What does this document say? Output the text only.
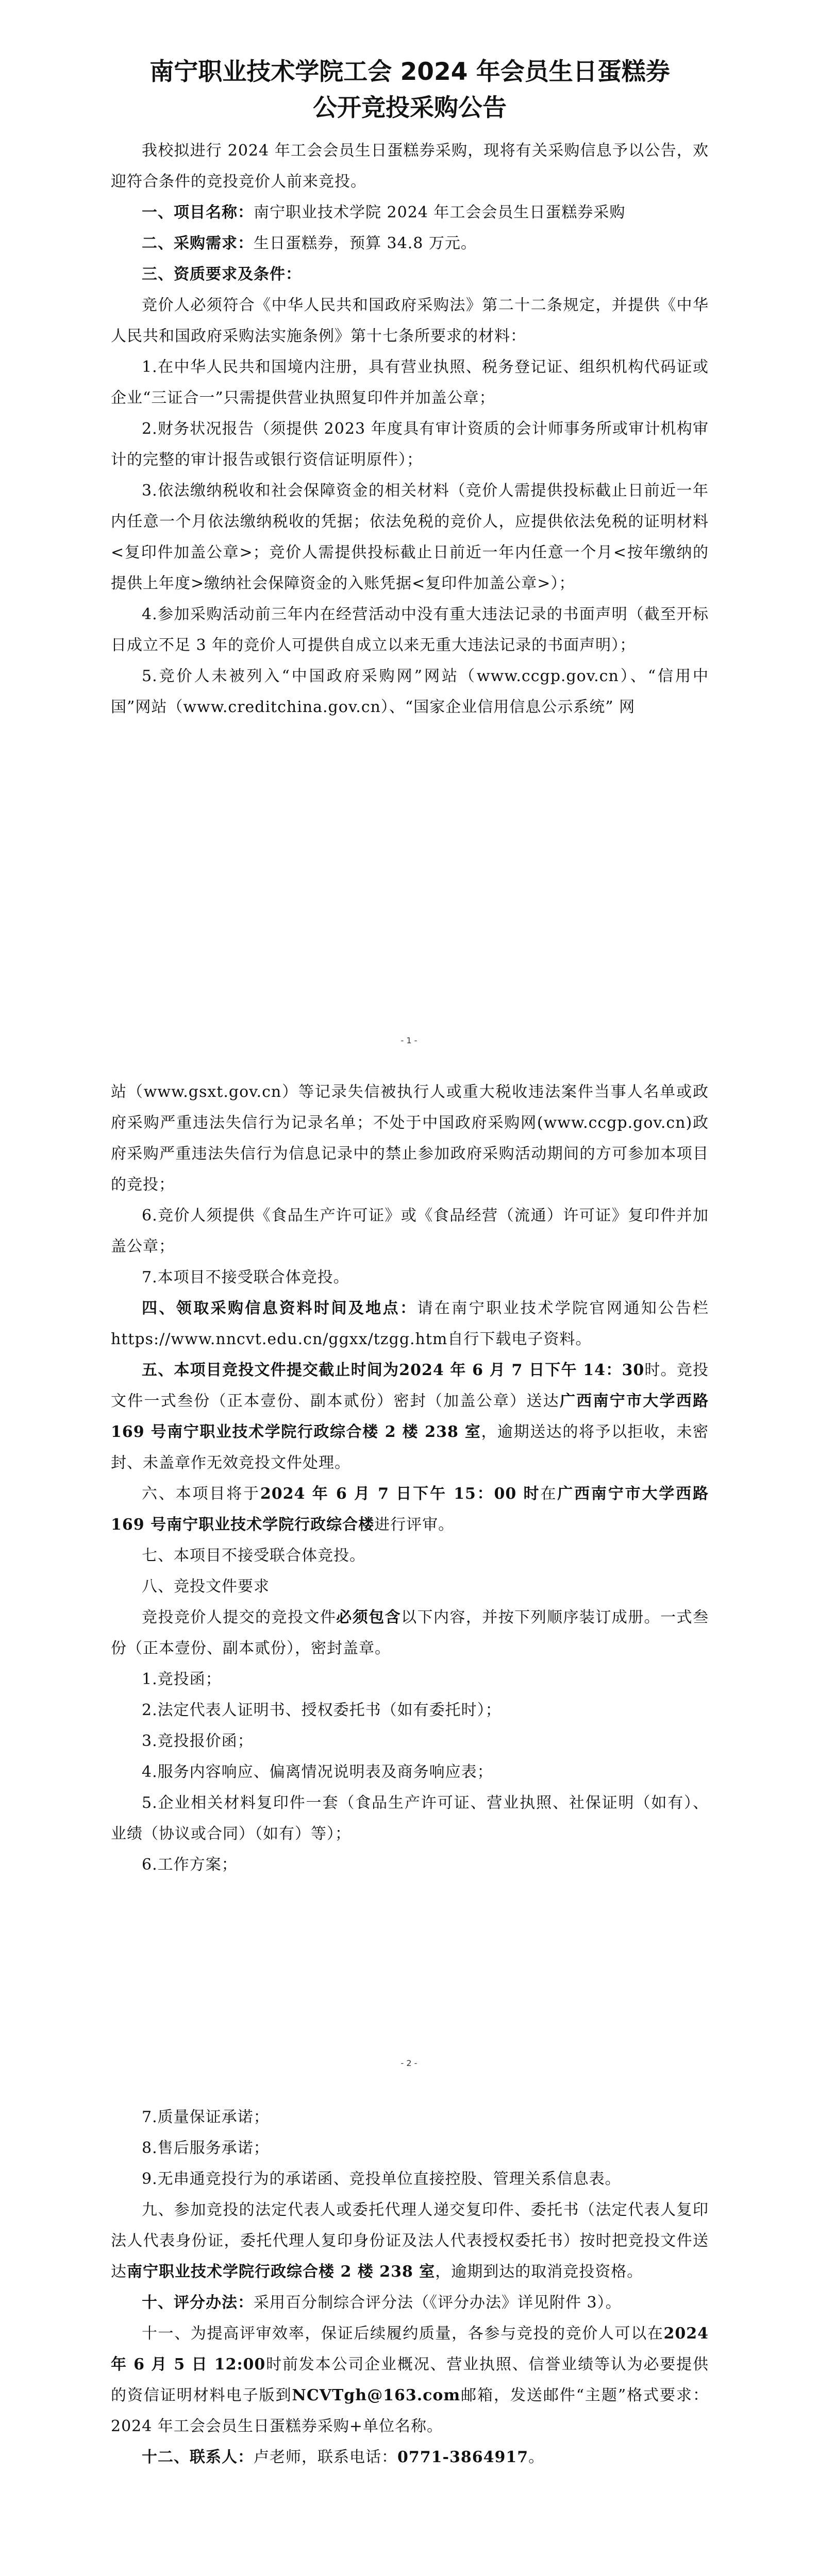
南宁职业技术学院工会 2024 年会员生日蛋糕券
公开竞投采购公告

我校拟进行 2024 年工会会员生日蛋糕券采购，现将有关采购信息予以公告，欢迎符合条件的竞投竞价人前来竞投。

一、项目名称：南宁职业技术学院 2024 年工会会员生日蛋糕券采购

二、采购需求：生日蛋糕券，预算 34.8 万元。

三、资质要求及条件：

竞价人必须符合《中华人民共和国政府采购法》第二十二条规定，并提供《中华人民共和国政府采购法实施条例》第十七条所要求的材料：

1.在中华人民共和国境内注册，具有营业执照、税务登记证、组织机构代码证或企业“三证合一”只需提供营业执照复印件并加盖公章；

2.财务状况报告（须提供 2023 年度具有审计资质的会计师事务所或审计机构审计的完整的审计报告或银行资信证明原件）；

3.依法缴纳税收和社会保障资金的相关材料（竞价人需提供投标截止日前近一年内任意一个月依法缴纳税收的凭据；依法免税的竞价人，应提供依法免税的证明材料<复印件加盖公章>；竞价人需提供投标截止日前近一年内任意一个月<按年缴纳的提供上年度>缴纳社会保障资金的入账凭据<复印件加盖公章>）；

4.参加采购活动前三年内在经营活动中没有重大违法记录的书面声明（截至开标日成立不足 3 年的竞价人可提供自成立以来无重大违法记录的书面声明）；

5.竞价人未被列入“中国政府采购网”网站（www.ccgp.gov.cn）、“信用中国”网站（www.creditchina.gov.cn）、“国家企业信用信息公示系统” 网

- 1 -

站（www.gsxt.gov.cn）等记录失信被执行人或重大税收违法案件当事人名单或政府采购严重违法失信行为记录名单；不处于中国政府采购网(www.ccgp.gov.cn)政府采购严重违法失信行为信息记录中的禁止参加政府采购活动期间的方可参加本项目的竞投；

6.竞价人须提供《食品生产许可证》或《食品经营（流通）许可证》复印件并加盖公章；

7.本项目不接受联合体竞投。

四、领取采购信息资料时间及地点：请在南宁职业技术学院官网通知公告栏https://www.nncvt.edu.cn/ggxx/tzgg.htm自行下载电子资料。

五、本项目竞投文件提交截止时间为2024 年 6 月 7 日下午 14：30时。竞投文件一式叁份（正本壹份、副本贰份）密封（加盖公章）送达广西南宁市大学西路 169 号南宁职业技术学院行政综合楼 2 楼 238 室，逾期送达的将予以拒收，未密封、未盖章作无效竞投文件处理。

六、本项目将于2024 年 6 月 7 日下午 15：00 时在广西南宁市大学西路 169 号南宁职业技术学院行政综合楼进行评审。

七、本项目不接受联合体竞投。

八、竞投文件要求

竞投竞价人提交的竞投文件必须包含以下内容，并按下列顺序装订成册。一式叁份（正本壹份、副本贰份），密封盖章。

1.竞投函；

2.法定代表人证明书、授权委托书（如有委托时）；

3.竞投报价函；

4.服务内容响应、偏离情况说明表及商务响应表；

5.企业相关材料复印件一套（食品生产许可证、营业执照、社保证明（如有）、业绩（协议或合同）（如有）等）；

6.工作方案；

- 2 -

7.质量保证承诺；

8.售后服务承诺；

9.无串通竞投行为的承诺函、竞投单位直接控股、管理关系信息表。

九、参加竞投的法定代表人或委托代理人递交复印件、委托书（法定代表人复印法人代表身份证，委托代理人复印身份证及法人代表授权委托书）按时把竞投文件送达南宁职业技术学院行政综合楼 2 楼 238 室，逾期到达的取消竞投资格。

十、评分办法：采用百分制综合评分法（《评分办法》详见附件 3）。

十一、为提高评审效率，保证后续履约质量，各参与竞投的竞价人可以在2024 年 6 月 5 日 12:00时前发本公司企业概况、营业执照、信誉业绩等认为必要提供的资信证明材料电子版到NCVTgh@163.com邮箱，发送邮件“主题”格式要求：2024 年工会会员生日蛋糕券采购+单位名称。

十二、联系人：卢老师，联系电话：0771-3864917。
